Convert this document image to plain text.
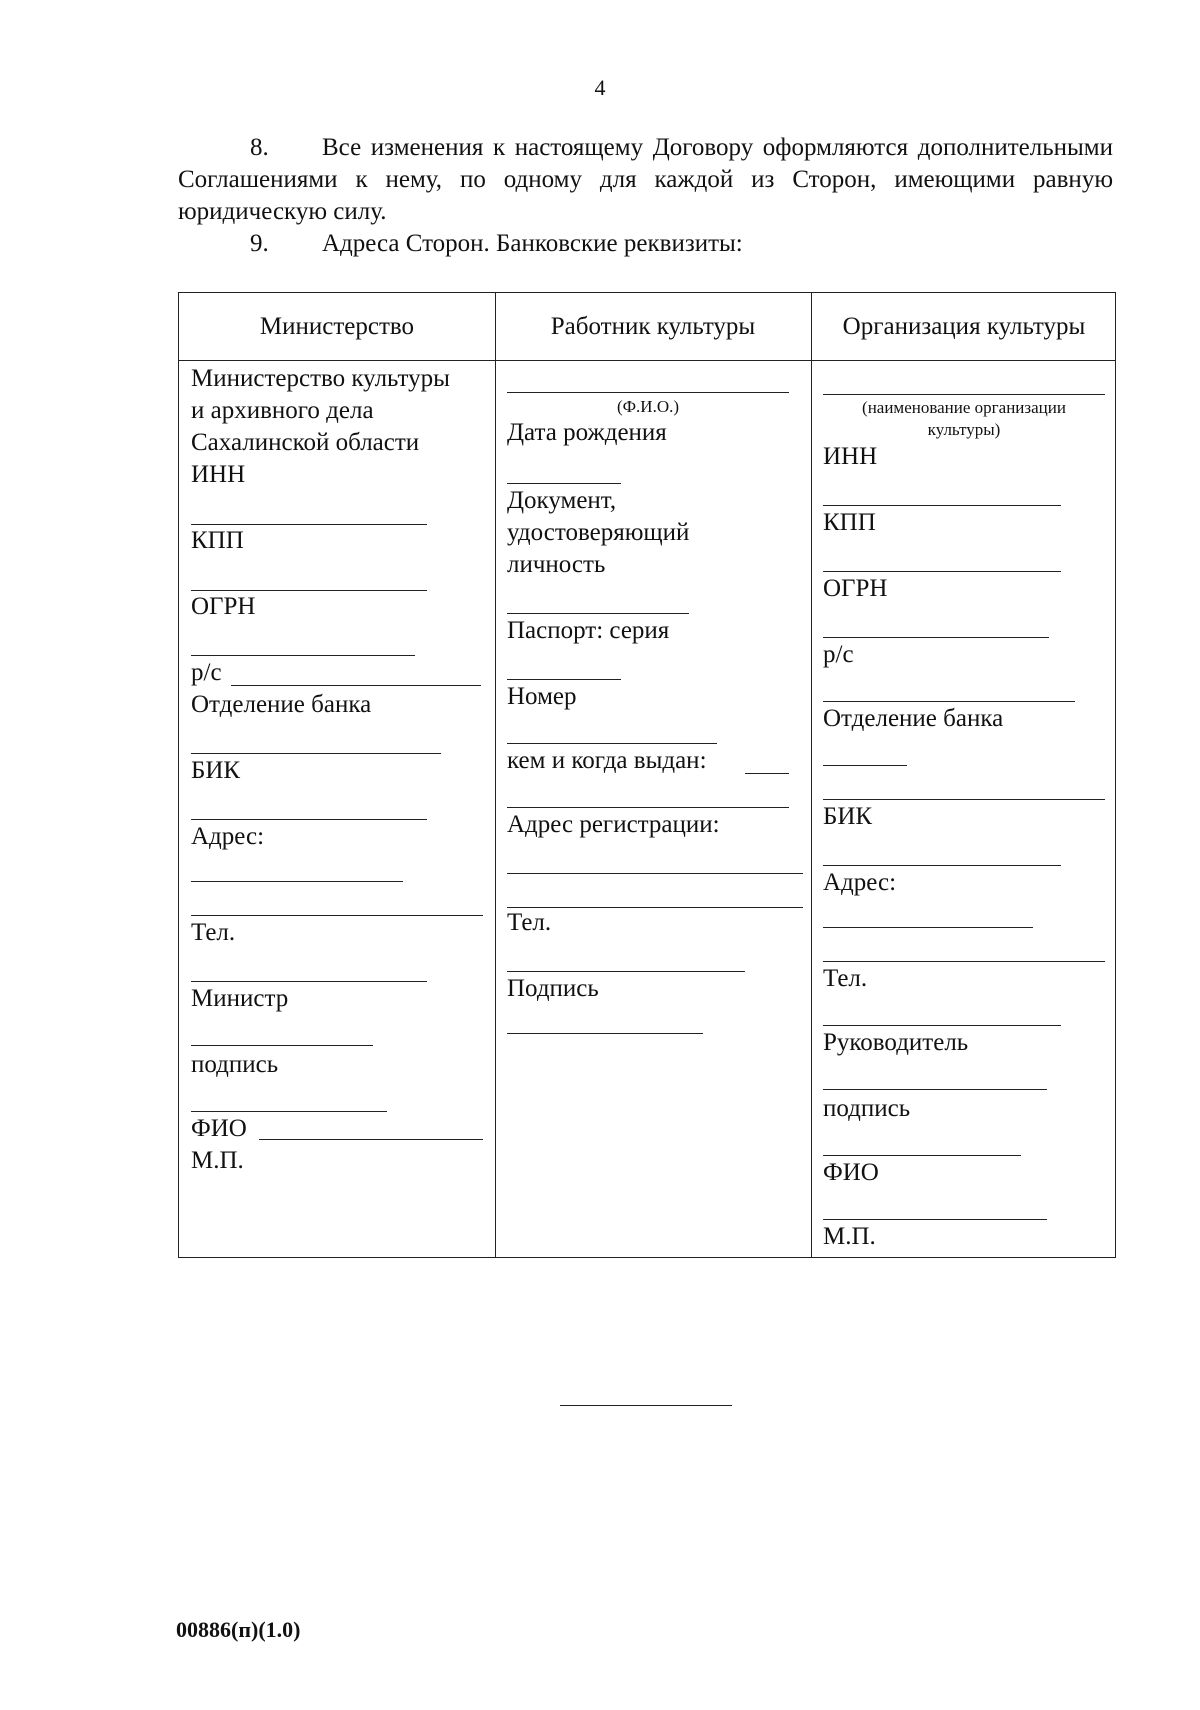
4
8. Все изменения к настоящему Договору оформляются дополнительными Соглашениями к нему, по одному для каждой из Сторон, имеющими равную юридическую силу.
9. Адреса Сторон. Банковские реквизиты:
Министерство	Работник культуры	Организация культуры
Министерство культуры
и архивного дела
Сахалинской области
ИНН
КПП
ОГРН
р/с
Отделение банка
БИК
Адрес:
Тел.
Министр
подпись
ФИО
М.П.
(Ф.И.О.)
Дата рождения
Документ,
удостоверяющий
личность
Паспорт: серия
Номер
кем и когда выдан:
Адрес регистрации:
Тел.
Подпись
(наименование организации
культуры)
ИНН
КПП
ОГРН
р/с
Отделение банка
БИК
Адрес:
Тел.
Руководитель
подпись
ФИО
М.П.
00886(п)(1.0)
